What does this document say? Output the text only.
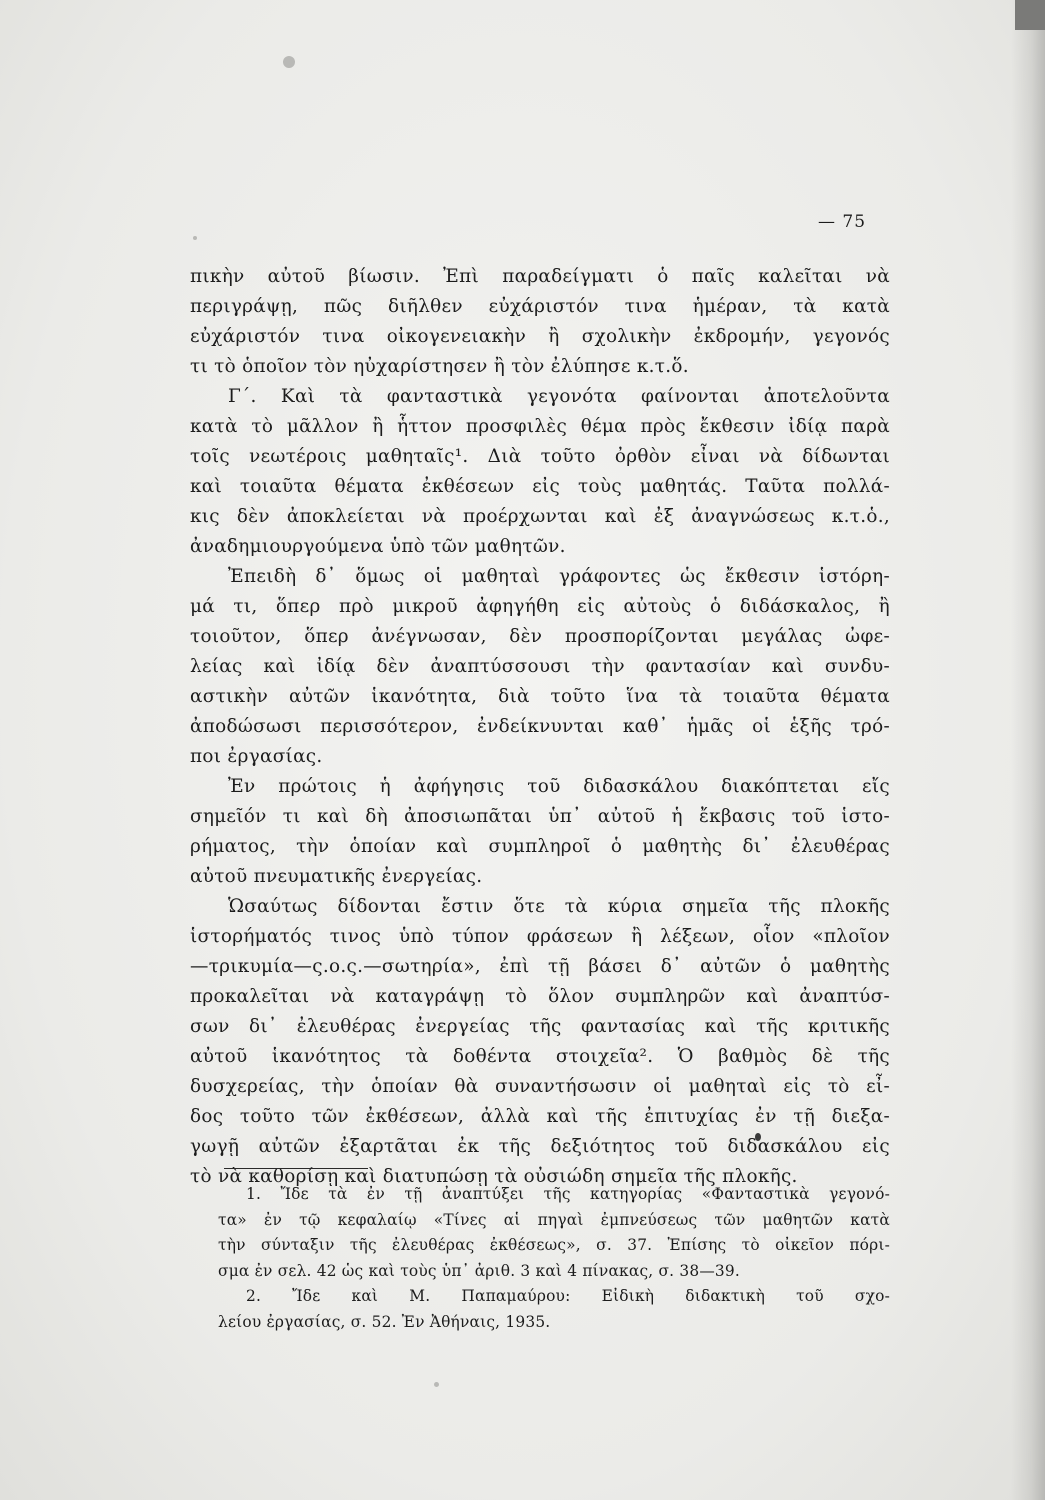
— 75
πικὴν αὐτοῦ βίωσιν. Ἐπὶ παραδείγματι ὁ παῖς καλεῖται νὰ
περιγράψῃ, πῶς διῆλθεν εὐχάριστόν τινα ἡμέραν, τὰ κατὰ
εὐχάριστόν τινα οἰκογενειακὴν ἢ σχολικὴν ἐκδρομήν, γεγονός
τι τὸ ὁποῖον τὸν ηὐχαρίστησεν ἢ τὸν ἐλύπησε κ.τ.ὅ.
Γ΄. Καὶ τὰ φανταστικὰ γεγονότα φαίνονται ἀποτελοῦντα
κατὰ τὸ μᾶλλον ἢ ἧττον προσφιλὲς θέμα πρὸς ἔκθεσιν ἰδίᾳ παρὰ
τοῖς νεωτέροις μαθηταῖς¹. Διὰ τοῦτο ὀρθὸν εἶναι νὰ δίδωνται
καὶ τοιαῦτα θέματα ἐκθέσεων εἰς τοὺς μαθητάς. Ταῦτα πολλά-
κις δὲν ἀποκλείεται νὰ προέρχωνται καὶ ἐξ ἀναγνώσεως κ.τ.ὁ.,
ἀναδημιουργούμενα ὑπὸ τῶν μαθητῶν.
Ἐπειδὴ δ᾽ ὅμως οἱ μαθηταὶ γράφοντες ὡς ἔκθεσιν ἱστόρη-
μά τι, ὅπερ πρὸ μικροῦ ἀφηγήθη εἰς αὐτοὺς ὁ διδάσκαλος, ἢ
τοιοῦτον, ὅπερ ἀνέγνωσαν, δὲν προσπορίζονται μεγάλας ὠφε-
λείας καὶ ἰδίᾳ δὲν ἀναπτύσσουσι τὴν φαντασίαν καὶ συνδυ-
αστικὴν αὐτῶν ἱκανότητα, διὰ τοῦτο ἵνα τὰ τοιαῦτα θέματα
ἀποδώσωσι περισσότερον, ἐνδείκνυνται καθ᾽ ἡμᾶς οἱ ἑξῆς τρό-
ποι ἐργασίας.
Ἐν πρώτοις ἡ ἀφήγησις τοῦ διδασκάλου διακόπτεται εἴς
σημεῖόν τι καὶ δὴ ἀποσιωπᾶται ὑπ᾽ αὐτοῦ ἡ ἔκβασις τοῦ ἱστο-
ρήματος, τὴν ὁποίαν καὶ συμπληροῖ ὁ μαθητὴς δι᾽ ἐλευθέρας
αὐτοῦ πνευματικῆς ἐνεργείας.
Ὡσαύτως δίδονται ἔστιν ὅτε τὰ κύρια σημεῖα τῆς πλοκῆς
ἱστορήματός τινος ὑπὸ τύπον φράσεων ἢ λέξεων, οἷον «πλοῖον
—τρικυμία—ς.ο.ς.—σωτηρία», ἐπὶ τῇ βάσει δ᾽ αὐτῶν ὁ μαθητὴς
προκαλεῖται νὰ καταγράψῃ τὸ ὅλον συμπληρῶν καὶ ἀναπτύσ-
σων δι᾽ ἐλευθέρας ἐνεργείας τῆς φαντασίας καὶ τῆς κριτικῆς
αὐτοῦ ἱκανότητος τὰ δοθέντα στοιχεῖα². Ὁ βαθμὸς δὲ τῆς
δυσχερείας, τὴν ὁποίαν θὰ συναντήσωσιν οἱ μαθηταὶ εἰς τὸ εἶ-
δος τοῦτο τῶν ἐκθέσεων, ἀλλὰ καὶ τῆς ἐπιτυχίας ἐν τῇ διεξα-
γωγῇ αὐτῶν ἐξαρτᾶται ἐκ τῆς δεξιότητος τοῦ διδασκάλου εἰς
τὸ νὰ καθορίσῃ καὶ διατυπώσῃ τὰ οὐσιώδη σημεῖα τῆς πλοκῆς.
1. Ἴδε τὰ ἐν τῇ ἀναπτύξει τῆς κατηγορίας «Φανταστικὰ γεγονό-
τα» ἐν τῷ κεφαλαίῳ «Τίνες αἱ πηγαὶ ἐμπνεύσεως τῶν μαθητῶν κατὰ
τὴν σύνταξιν τῆς ἐλευθέρας ἐκθέσεως», σ. 37. Ἐπίσης τὸ οἰκεῖον πόρι-
σμα ἐν σελ. 42 ὡς καὶ τοὺς ὑπ᾽ ἀριθ. 3 καὶ 4 πίνακας, σ. 38—39.
2. Ἴδε καὶ Μ. Παπαμαύρου: Εἰδικὴ διδακτικὴ τοῦ σχο-
λείου ἐργασίας, σ. 52. Ἐν Ἀθήναις, 1935.
